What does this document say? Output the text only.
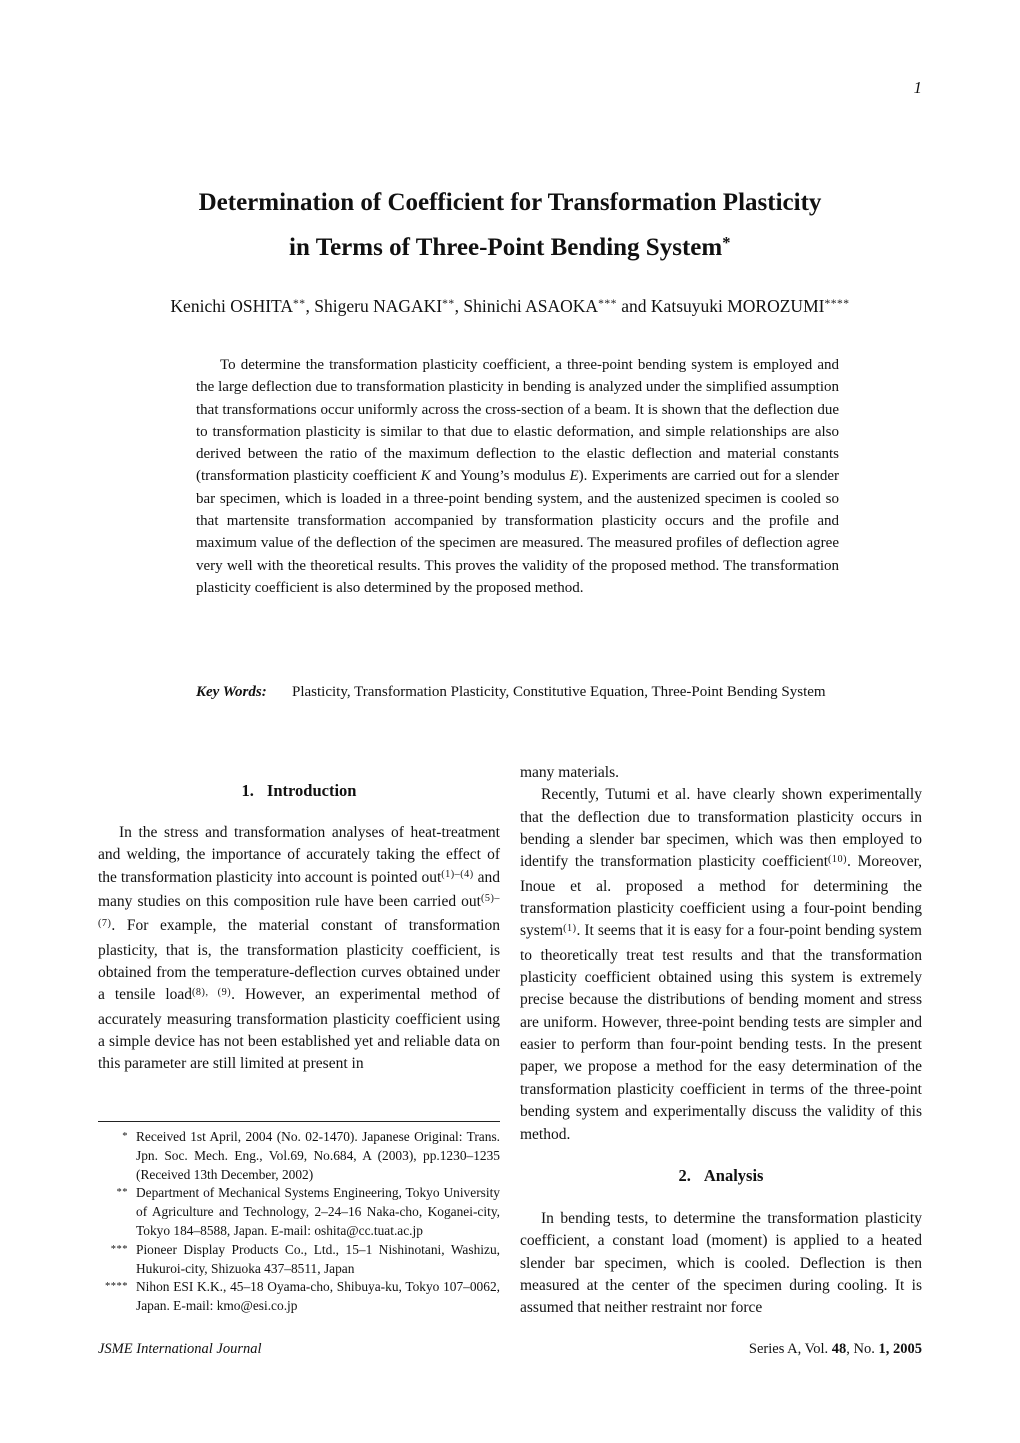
1
Determination of Coefficient for Transformation Plasticity
in Terms of Three-Point Bending System*
Kenichi OSHITA**, Shigeru NAGAKI**, Shinichi ASAOKA*** and Katsuyuki MOROZUMI****

To determine the transformation plasticity coefficient, a three-point bending system is employed and the large deflection due to transformation plasticity in bending is analyzed under the simplified assumption that transformations occur uniformly across the cross-section of a beam. It is shown that the deflection due to transformation plasticity is similar to that due to elastic deformation, and simple relationships are also derived between the ratio of the maximum deflection to the elastic deflection and material constants (transformation plasticity coefficient K and Young’s modulus E). Experiments are carried out for a slender bar specimen, which is loaded in a three-point bending system, and the austenized specimen is cooled so that martensite transformation accompanied by transformation plasticity occurs and the profile and maximum value of the deflection of the specimen are measured. The measured profiles of deflection agree very well with the theoretical results. This proves the validity of the proposed method. The transformation plasticity coefficient is also determined by the proposed method.

Key Words:	Plasticity, Transformation Plasticity, Constitutive Equation, Three-Point Bending System
1. Introduction

In the stress and transformation analyses of heat-treatment and welding, the importance of accurately taking the effect of the transformation plasticity into account is pointed out$^{(1)-(4)}$ and many studies on this composition rule have been carried out$^{(5)-(7)}$. For example, the material constant of transformation plasticity, that is, the transformation plasticity coefficient, is obtained from the temperature-deflection curves obtained under a tensile load$^{(8), (9)}$. However, an experimental method of accurately measuring transformation plasticity coefficient using a simple device has not been established yet and reliable data on this parameter are still limited at present in

* Received 1st April, 2004 (No. 02-1470). Japanese Original: Trans. Jpn. Soc. Mech. Eng., Vol.69, No.684, A (2003), pp.1230–1235 (Received 13th December, 2002)
** Department of Mechanical Systems Engineering, Tokyo University of Agriculture and Technology, 2–24–16 Naka-cho, Koganei-city, Tokyo 184–8588, Japan. E-mail: oshita@cc.tuat.ac.jp
*** Pioneer Display Products Co., Ltd., 15–1 Nishinotani, Washizu, Hukuroi-city, Shizuoka 437–8511, Japan
**** Nihon ESI K.K., 45–18 Oyama-cho, Shibuya-ku, Tokyo 107–0062, Japan. E-mail: kmo@esi.co.jp

many materials.

Recently, Tutumi et al. have clearly shown experimentally that the deflection due to transformation plasticity occurs in bending a slender bar specimen, which was then employed to identify the transformation plasticity coefficient$^{(10)}$. Moreover, Inoue et al. proposed a method for determining the transformation plasticity coefficient using a four-point bending system$^{(1)}$. It seems that it is easy for a four-point bending system to theoretically treat test results and that the transformation plasticity coefficient obtained using this system is extremely precise because the distributions of bending moment and stress are uniform. However, three-point bending tests are simpler and easier to perform than four-point bending tests. In the present paper, we propose a method for the easy determination of the transformation plasticity coefficient in terms of the three-point bending system and experimentally discuss the validity of this method.

2. Analysis

In bending tests, to determine the transformation plasticity coefficient, a constant load (moment) is applied to a heated slender bar specimen, which is cooled. Deflection is then measured at the center of the specimen during cooling. It is assumed that neither restraint nor force

JSME International Journal	Series A, Vol. 48, No. 1, 2005
